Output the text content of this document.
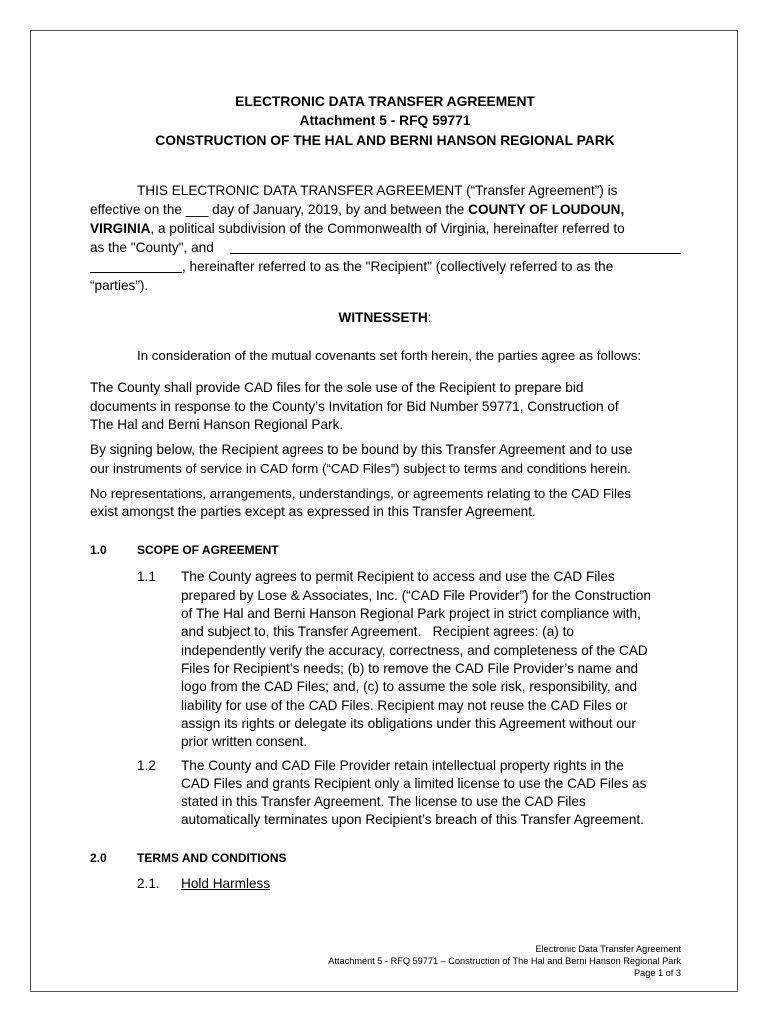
ELECTRONIC DATA TRANSFER AGREEMENT
Attachment 5 - RFQ 59771
CONSTRUCTION OF THE HAL AND BERNI HANSON REGIONAL PARK
THIS ELECTRONIC DATA TRANSFER AGREEMENT (“Transfer Agreement”) is
effective on the ___ day of January, 2019, by and between the COUNTY OF LOUDOUN,
VIRGINIA, a political subdivision of the Commonwealth of Virginia, hereinafter referred to
as the "County", and
, hereinafter referred to as the "Recipient" (collectively referred to as the
“parties”).
WITNESSETH:
In consideration of the mutual covenants set forth herein, the parties agree as follows:
The County shall provide CAD files for the sole use of the Recipient to prepare bid
documents in response to the County’s Invitation for Bid Number 59771, Construction of
The Hal and Berni Hanson Regional Park.
By signing below, the Recipient agrees to be bound by this Transfer Agreement and to use
our instruments of service in CAD form (“CAD Files”) subject to terms and conditions herein.
No representations, arrangements, understandings, or agreements relating to the CAD Files
exist amongst the parties except as expressed in this Transfer Agreement.
1.0	SCOPE OF AGREEMENT
1.1 The County agrees to permit Recipient to access and use the CAD Files
prepared by Lose & Associates, Inc. (“CAD File Provider”) for the Construction
of The Hal and Berni Hanson Regional Park project in strict compliance with,
and subject to, this Transfer Agreement.   Recipient agrees: (a) to
independently verify the accuracy, correctness, and completeness of the CAD
Files for Recipient’s needs; (b) to remove the CAD File Provider’s name and
logo from the CAD Files; and, (c) to assume the sole risk, responsibility, and
liability for use of the CAD Files. Recipient may not reuse the CAD Files or
assign its rights or delegate its obligations under this Agreement without our
prior written consent.
1.2 The County and CAD File Provider retain intellectual property rights in the
CAD Files and grants Recipient only a limited license to use the CAD Files as
stated in this Transfer Agreement. The license to use the CAD Files
automatically terminates upon Recipient’s breach of this Transfer Agreement.
2.0	TERMS AND CONDITIONS
2.1. Hold Harmless
Electronic Data Transfer Agreement
Attachment 5 - RFQ 59771 – Construction of The Hal and Berni Hanson Regional Park
Page 1 of 3
